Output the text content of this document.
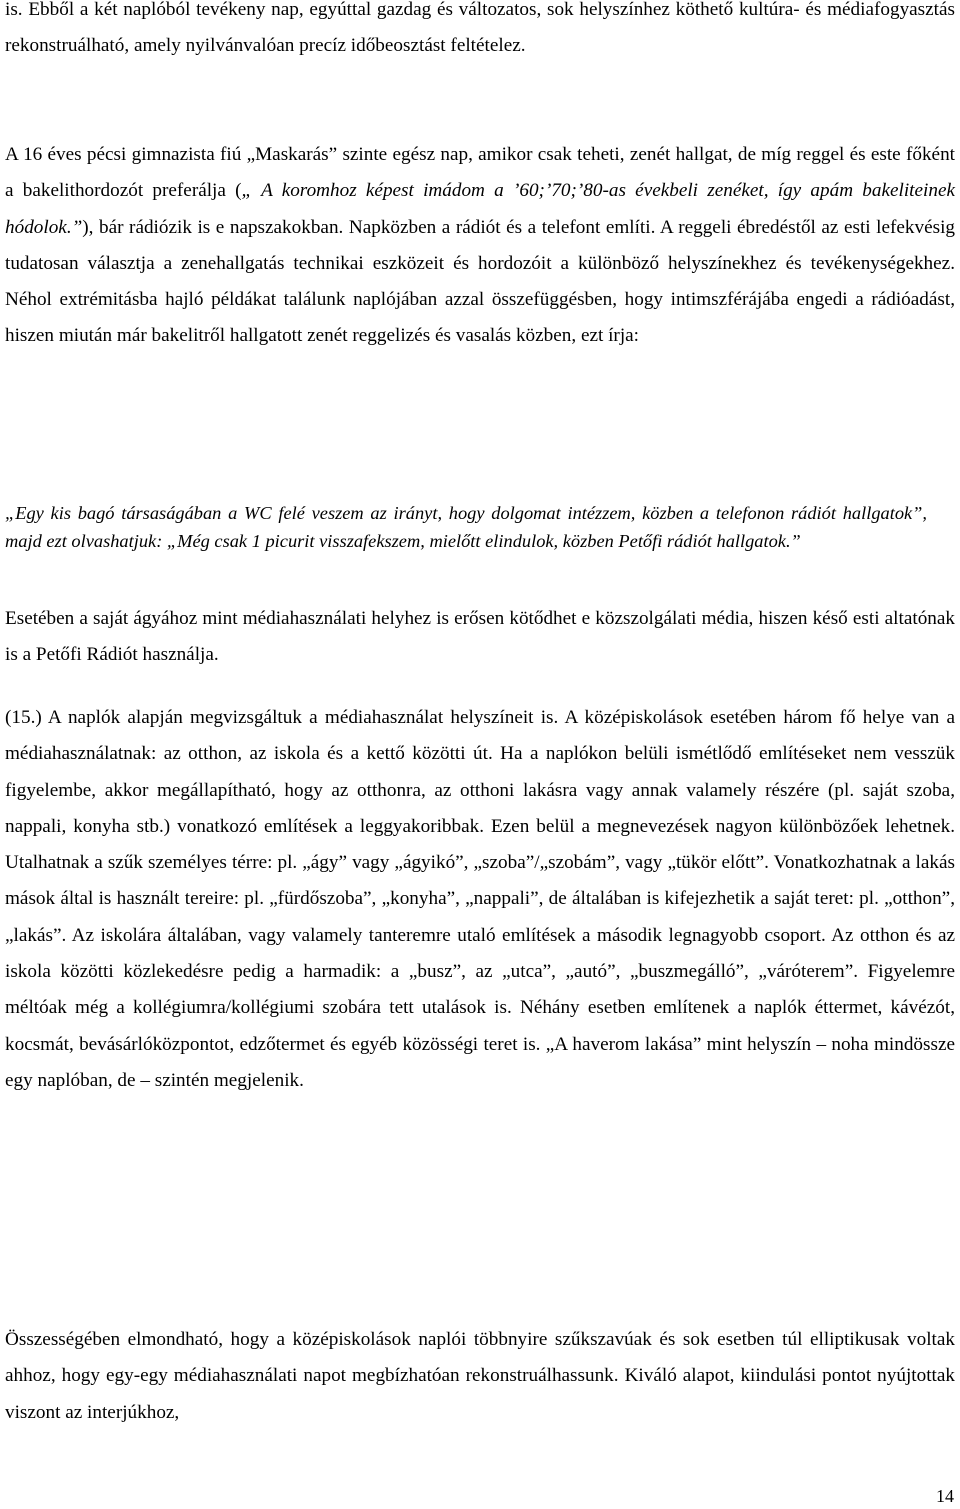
is. Ebből a két naplóból tevékeny nap, egyúttal gazdag és változatos, sok helyszínhez köthető kultúra- és médiafogyasztás rekonstruálható, amely nyilvánvalóan precíz időbeosztást feltételez.

A 16 éves pécsi gimnazista fiú „Maskarás” szinte egész nap, amikor csak teheti, zenét hallgat, de míg reggel és este főként a bakelithordozót preferálja („ A koromhoz képest imádom a ’60;’70;’80-as évekbeli zenéket, így apám bakeliteinek hódolok.”), bár rádiózik is e napszakokban. Napközben a rádiót és a telefont említi. A reggeli ébredéstől az esti lefekvésig tudatosan választja a zenehallgatás technikai eszközeit és hordozóit a különböző helyszínekhez és tevékenységekhez. Néhol extrémitásba hajló példákat találunk naplójában azzal összefüggésben, hogy intimszférájába engedi a rádióadást, hiszen miután már bakelitről hallgatott zenét reggelizés és vasalás közben, ezt írja:

„Egy kis bagó társaságában a WC felé veszem az irányt, hogy dolgomat intézzem, közben a telefonon rádiót hallgatok”, majd ezt olvashatjuk: „Még csak 1 picurit visszafekszem, mielőtt elindulok, közben Petőfi rádiót hallgatok.”

Esetében a saját ágyához mint médiahasználati helyhez is erősen kötődhet e közszolgálati média, hiszen késő esti altatónak is a Petőfi Rádiót használja.

(15.) A naplók alapján megvizsgáltuk a médiahasználat helyszíneit is. A középiskolások esetében három fő helye van a médiahasználatnak: az otthon, az iskola és a kettő közötti út. Ha a naplókon belüli ismétlődő említéseket nem vesszük figyelembe, akkor megállapítható, hogy az otthonra, az otthoni lakásra vagy annak valamely részére (pl. saját szoba, nappali, konyha stb.) vonatkozó említések a leggyakoribbak. Ezen belül a megnevezések nagyon különbözőek lehetnek. Utalhatnak a szűk személyes térre: pl. „ágy” vagy „ágyikó”, „szoba”/„szobám”, vagy „tükör előtt”. Vonatkozhatnak a lakás mások által is használt tereire: pl. „fürdőszoba”, „konyha”, „nappali”, de általában is kifejezhetik a saját teret: pl. „otthon”, „lakás”. Az iskolára általában, vagy valamely tanteremre utaló említések a második legnagyobb csoport. Az otthon és az iskola közötti közlekedésre pedig a harmadik: a „busz”, az „utca”, „autó”, „buszmegálló”, „váróterem”. Figyelemre méltóak még a kollégiumra/kollégiumi szobára tett utalások is. Néhány esetben említenek a naplók éttermet, kávézót, kocsmát, bevásárlóközpontot, edzőtermet és egyéb közösségi teret is. „A haverom lakása” mint helyszín – noha mindössze egy naplóban, de – szintén megjelenik.

Összességében elmondható, hogy a középiskolások naplói többnyire szűkszavúak és sok esetben túl elliptikusak voltak ahhoz, hogy egy-egy médiahasználati napot megbízhatóan rekonstruálhassunk. Kiváló alapot, kiindulási pontot nyújtottak viszont az interjúkhoz,

14
